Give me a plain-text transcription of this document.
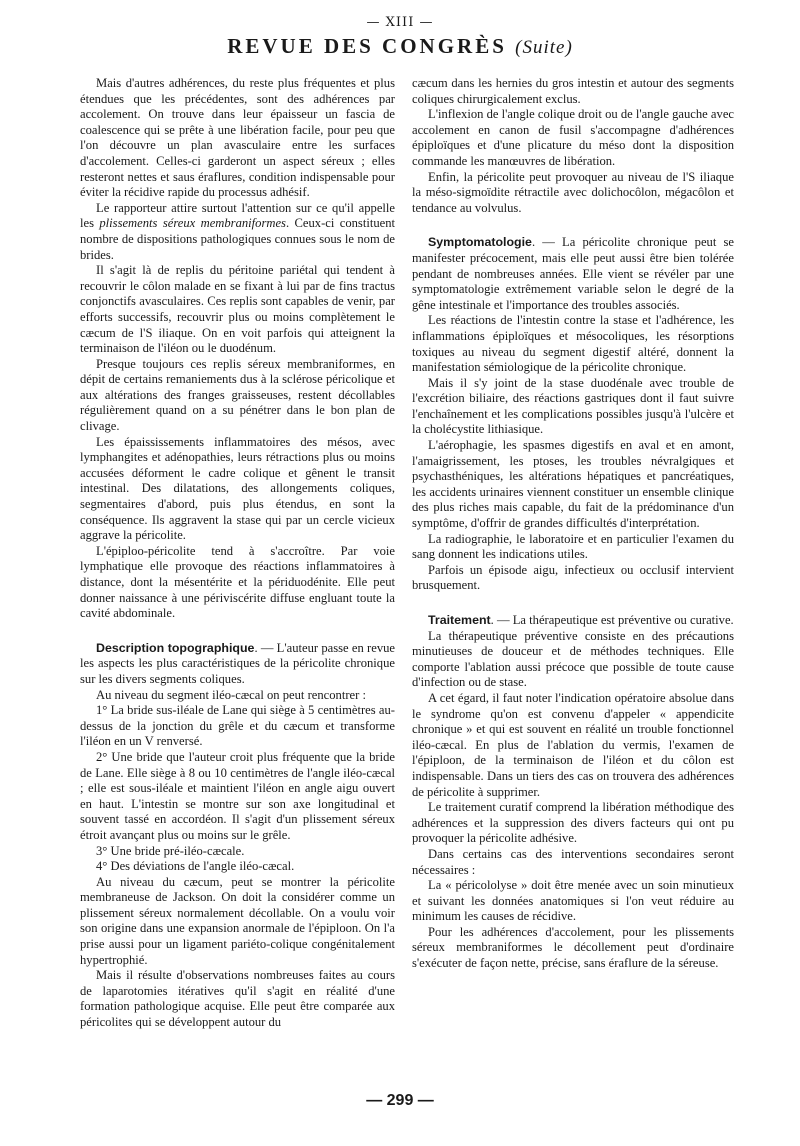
— XIII —
REVUE DES CONGRÈS (Suite)

Mais d'autres adhérences, du reste plus fréquentes et plus étendues que les précédentes, sont des adhérences par accolement. On trouve dans leur épaisseur un fascia de coalescence qui se prête à une libération facile, pour peu que l'on découvre un plan avasculaire entre les surfaces d'accolement. Celles-ci garderont un aspect séreux ; elles resteront nettes et saus éraflures, condition indispensable pour éviter la récidive rapide du processus adhésif.

Le rapporteur attire surtout l'attention sur ce qu'il appelle les plissements séreux membraniformes. Ceux-ci constituent nombre de dispositions pathologiques connues sous le nom de brides.

Il s'agit là de replis du péritoine pariétal qui tendent à recouvrir le côlon malade en se fixant à lui par de fins tractus conjonctifs avasculaires. Ces replis sont capables de venir, par efforts successifs, recouvrir plus ou moins complètement le cæcum de l'S iliaque. On en voit parfois qui atteignent la terminaison de l'iléon ou le duodénum.

Presque toujours ces replis séreux membraniformes, en dépit de certains remaniements dus à la sclérose péricolique et aux altérations des franges graisseuses, restent décollables régulièrement quand on a su pénétrer dans le bon plan de clivage.

Les épaississements inflammatoires des mésos, avec lymphangites et adénopathies, leurs rétractions plus ou moins accusées déforment le cadre colique et gênent le transit intestinal. Des dilatations, des allongements coliques, segmentaires d'abord, puis plus étendus, en sont la conséquence. Ils aggravent la stase qui par un cercle vicieux aggrave la péricolite.

L'épiploo-péricolite tend à s'accroître. Par voie lymphatique elle provoque des réactions inflammatoires à distance, dont la mésentérite et la périduodénite. Elle peut donner naissance à une périviscérite diffuse engluant toute la cavité abdominale.

Description topographique. — L'auteur passe en revue les aspects les plus caractéristiques de la péricolite chronique sur les divers segments coliques.

Au niveau du segment iléo-cæcal on peut rencontrer :

1° La bride sus-iléale de Lane qui siège à 5 centimètres au-dessus de la jonction du grêle et du cæcum et transforme l'iléon en un V renversé.

2° Une bride que l'auteur croit plus fréquente que la bride de Lane. Elle siège à 8 ou 10 centimètres de l'angle iléo-cæcal ; elle est sous-iléale et maintient l'iléon en angle aigu ouvert en haut. L'intestin se montre sur son axe longitudinal et souvent tassé en accordéon. Il s'agit d'un plissement séreux étroit avançant plus ou moins sur le grêle.

3° Une bride pré-iléo-cæcale.

4° Des déviations de l'angle iléo-cæcal.

Au niveau du cæcum, peut se montrer la péricolite membraneuse de Jackson. On doit la considérer comme un plissement séreux normalement décollable. On a voulu voir son origine dans une expansion anormale de l'épiploon. On l'a prise aussi pour un ligament pariéto-colique congénitalement hypertrophié.

Mais il résulte d'observations nombreuses faites au cours de laparotomies itératives qu'il s'agit en réalité d'une formation pathologique acquise. Elle peut être comparée aux péricolites qui se développent autour du

cæcum dans les hernies du gros intestin et autour des segments coliques chirurgicalement exclus.

L'inflexion de l'angle colique droit ou de l'angle gauche avec accolement en canon de fusil s'accompagne d'adhérences épiploïques et d'une plicature du méso dont la disposition commande les manœuvres de libération.

Enfin, la péricolite peut provoquer au niveau de l'S iliaque la méso-sigmoïdite rétractile avec dolichocôlon, mégacôlon et tendance au volvulus.

Symptomatologie. — La péricolite chronique peut se manifester précocement, mais elle peut aussi être bien tolérée pendant de nombreuses années. Elle vient se révéler par une symptomatologie extrêmement variable selon le degré de la gêne intestinale et l'importance des troubles associés.

Les réactions de l'intestin contre la stase et l'adhérence, les inflammations épiploïques et mésocoliques, les résorptions toxiques au niveau du segment digestif altéré, donnent la manifestation sémiologique de la péricolite chronique.

Mais il s'y joint de la stase duodénale avec trouble de l'excrétion biliaire, des réactions gastriques dont il faut suivre l'enchaînement et les complications possibles jusqu'à l'ulcère et la cholécystite lithiasique.

L'aérophagie, les spasmes digestifs en aval et en amont, l'amaigrissement, les ptoses, les troubles névralgiques et psychasthéniques, les altérations hépatiques et pancréatiques, les accidents urinaires viennent constituer un ensemble clinique des plus riches mais capable, du fait de la prédominance d'un symptôme, d'offrir de grandes difficultés d'interprétation.

La radiographie, le laboratoire et en particulier l'examen du sang donnent les indications utiles.

Parfois un épisode aigu, infectieux ou occlusif intervient brusquement.

Traitement. — La thérapeutique est préventive ou curative.

La thérapeutique préventive consiste en des précautions minutieuses de douceur et de méthodes techniques. Elle comporte l'ablation aussi précoce que possible de toute cause d'infection ou de stase.

A cet égard, il faut noter l'indication opératoire absolue dans le syndrome qu'on est convenu d'appeler « appendicite chronique » et qui est souvent en réalité un trouble fonctionnel iléo-cæcal. En plus de l'ablation du vermis, l'examen de l'épiploon, de la terminaison de l'iléon et du côlon est indispensable. Dans un tiers des cas on trouvera des adhérences de péricolite à supprimer.

Le traitement curatif comprend la libération méthodique des adhérences et la suppression des divers facteurs qui ont pu provoquer la péricolite adhésive.

Dans certains cas des interventions secondaires seront nécessaires :

La « péricololyse » doit être menée avec un soin minutieux et suivant les données anatomiques si l'on veut réduire au minimum les causes de récidive.

Pour les adhérences d'accolement, pour les plissements séreux membraniformes le décollement peut d'ordinaire s'exécuter de façon nette, précise, sans éraflure de la séreuse.

— 299 —
